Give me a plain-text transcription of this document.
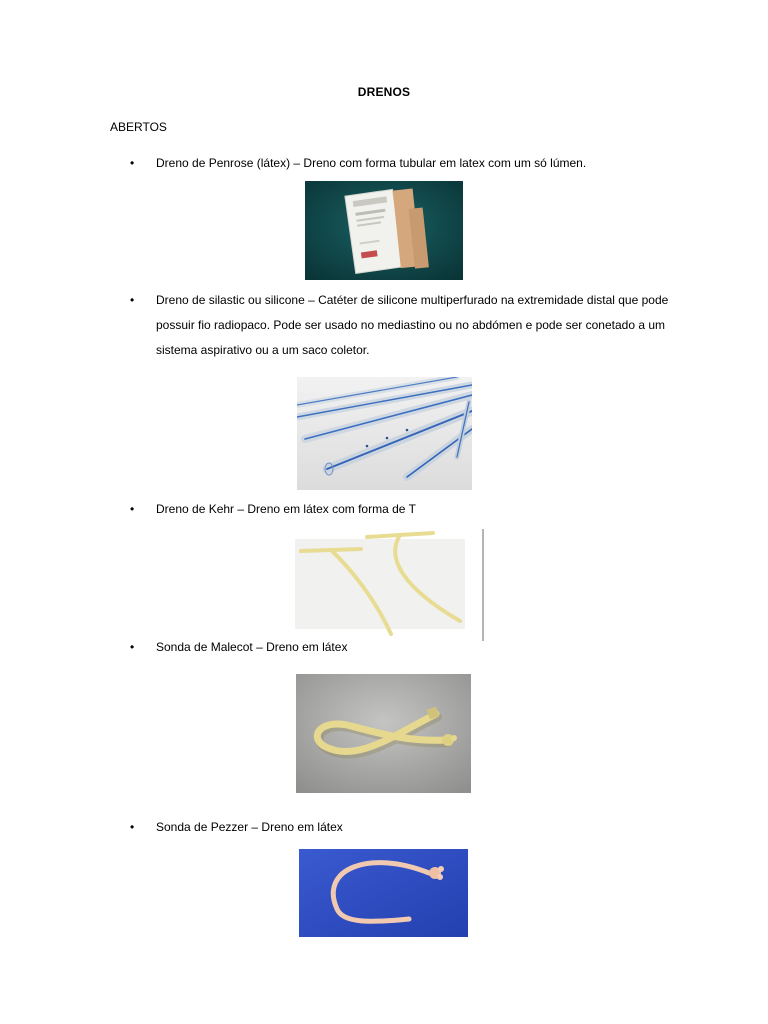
DRENOS
ABERTOS
•	Dreno de Penrose (látex) – Dreno com forma tubular em latex com um só lúmen.
•	Dreno de silastic ou silicone – Catéter de silicone multiperfurado na extremidade distal que pode possuir fio radiopaco. Pode ser usado no mediastino ou no abdómen e pode ser conetado a um sistema aspirativo ou a um saco coletor.
•	Dreno de Kehr – Dreno em látex com forma de T
•	Sonda de Malecot – Dreno em látex
•	Sonda de Pezzer – Dreno em látex
